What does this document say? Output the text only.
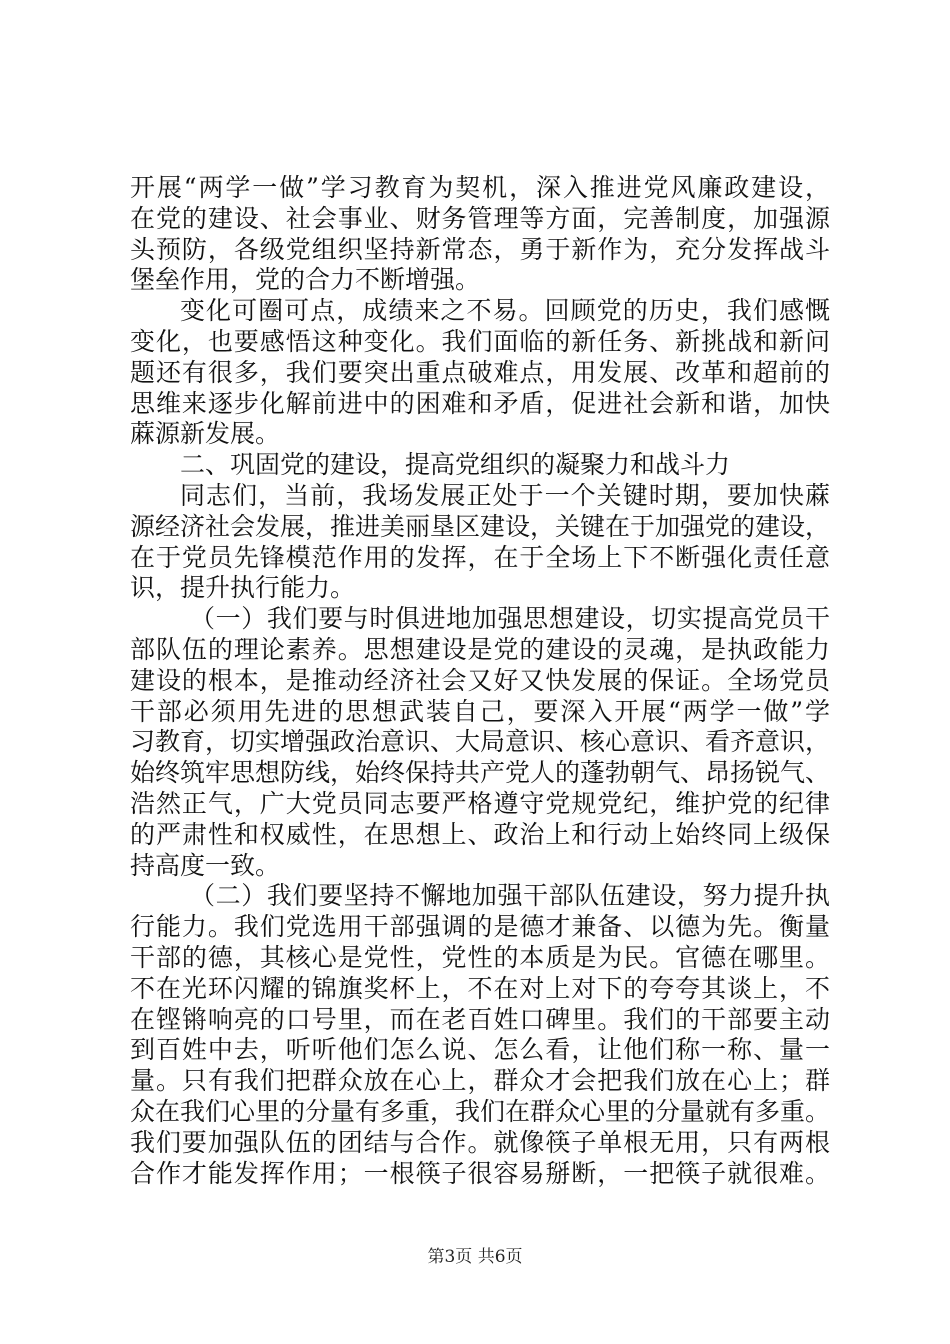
开展“两学一做”学习教育为契机，深入推进党风廉政建设，
在党的建设、社会事业、财务管理等方面，完善制度，加强源
头预防，各级党组织坚持新常态，勇于新作为，充分发挥战斗
堡垒作用，党的合力不断增强。
变化可圈可点，成绩来之不易。回顾党的历史，我们感慨
变化，也要感悟这种变化。我们面临的新任务、新挑战和新问
题还有很多，我们要突出重点破难点，用发展、改革和超前的
思维来逐步化解前进中的困难和矛盾，促进社会新和谐，加快
蔴源新发展。
二、巩固党的建设，提高党组织的凝聚力和战斗力
同志们，当前，我场发展正处于一个关键时期，要加快蔴
源经济社会发展，推进美丽垦区建设，关键在于加强党的建设，
在于党员先锋模范作用的发挥，在于全场上下不断强化责任意
识，提升执行能力。
（一）我们要与时俱进地加强思想建设，切实提高党员干
部队伍的理论素养。思想建设是党的建设的灵魂，是执政能力
建设的根本，是推动经济社会又好又快发展的保证。全场党员
干部必须用先进的思想武装自己，要深入开展“两学一做”学
习教育，切实增强政治意识、大局意识、核心意识、看齐意识，
始终筑牢思想防线，始终保持共产党人的蓬勃朝气、昂扬锐气、
浩然正气，广大党员同志要严格遵守党规党纪，维护党的纪律
的严肃性和权威性，在思想上、政治上和行动上始终同上级保
持高度一致。
（二）我们要坚持不懈地加强干部队伍建设，努力提升执
行能力。我们党选用干部强调的是德才兼备、以德为先。衡量
干部的德，其核心是党性，党性的本质是为民。官德在哪里。
不在光环闪耀的锦旗奖杯上，不在对上对下的夸夸其谈上，不
在铿锵响亮的口号里，而在老百姓口碑里。我们的干部要主动
到百姓中去，听听他们怎么说、怎么看，让他们称一称、量一
量。只有我们把群众放在心上，群众才会把我们放在心上；群
众在我们心里的分量有多重，我们在群众心里的分量就有多重。
我们要加强队伍的团结与合作。就像筷子单根无用，只有两根
合作才能发挥作用；一根筷子很容易掰断，一把筷子就很难。
第3页 共6页
